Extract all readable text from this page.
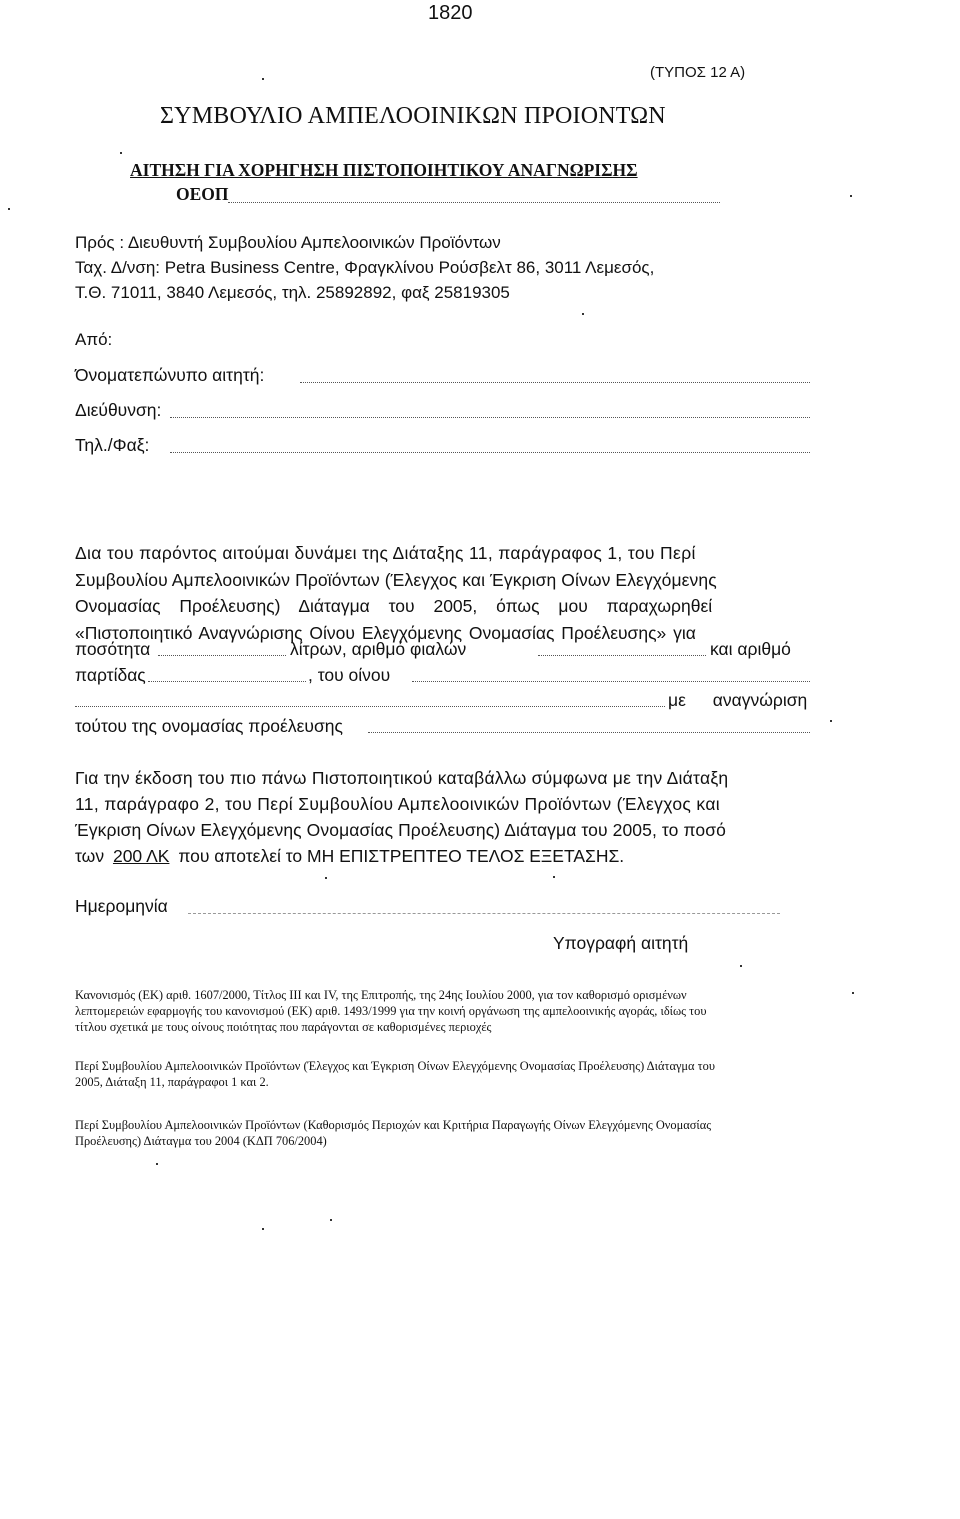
1820
(ΤΥΠΟΣ 12 Α)
ΣΥΜΒΟΥΛΙΟ ΑΜΠΕΛΟΟΙΝΙΚΩΝ ΠΡΟΙΟΝΤΩΝ
ΑΙΤΗΣΗ ΓΙΑ ΧΟΡΗΓΗΣΗ ΠΙΣΤΟΠΟΙΗΤΙΚΟΥ ΑΝΑΓΝΩΡΙΣΗΣ
ΟΕΟΠ
Πρός : Διευθυντή Συμβουλίου Αμπελοοινικών Προϊόντων
Ταχ. Δ/νση: Petra Business Centre, Φραγκλίνου Ρούσβελτ 86, 3011 Λεμεσός,
Τ.Θ. 71011, 3840 Λεμεσός, τηλ. 25892892, φαξ 25819305
Από:
Όνοματεπώνυπο αιτητή:
Διεύθυνση:
Τηλ./Φαξ:
Δια του παρόντος αιτούμαι δυνάμει της Διάταξης 11, παράγραφος 1, του Περί
Συμβουλίου Αμπελοοινικών Προϊόντων (Έλεγχος και Έγκριση Οίνων Ελεγχόμενης
Ονομασίας Προέλευσης) Διάταγμα του 2005, όπως μου παραχωρηθεί
«Πιστοποιητικό Αναγνώρισης Οίνου Ελεγχόμενης Ονομασίας Προέλευσης» για
ποσότητα	λίτρων, αριθμό φιαλών	και αριθμό
παρτίδας	, του οίνου
με αναγνώριση
τούτου της ονομασίας προέλευσης
Για την έκδοση του πιο πάνω Πιστοποιητικού καταβάλλω σύμφωνα με την Διάταξη
11, παράγραφο 2, του Περί Συμβουλίου Αμπελοοινικών Προϊόντων (Έλεγχος και
Έγκριση Οίνων Ελεγχόμενης Ονομασίας Προέλευσης) Διάταγμα του 2005, το ποσό
των 200 ΛΚ που αποτελεί το ΜΗ ΕΠΙΣΤΡΕΠΤΕΟ ΤΕΛΟΣ ΕΞΕΤΑΣΗΣ.
Ημερομηνία
Υπογραφή αιτητή
Κανονισμός (ΕΚ) αριθ. 1607/2000, Τίτλος ΙΙΙ και IV, της Επιτροπής, της 24ης Ιουλίου 2000, για τον καθορισμό ορισμένων
λεπτομερειών εφαρμογής του κανονισμού (ΕΚ) αριθ. 1493/1999 για την κοινή οργάνωση της αμπελοοινικής αγοράς, ιδίως του
τίτλου σχετικά με τους οίνους ποιότητας που παράγονται σε καθορισμένες περιοχές
Περί Συμβουλίου Αμπελοοινικών Προϊόντων (Έλεγχος και Έγκριση Οίνων Ελεγχόμενης Ονομασίας Προέλευσης) Διάταγμα του
2005, Διάταξη 11, παράγραφοι 1 και 2.
Περί Συμβουλίου Αμπελοοινικών Προϊόντων (Καθορισμός Περιοχών και Κριτήρια Παραγωγής Οίνων Ελεγχόμενης Ονομασίας
Προέλευσης) Διάταγμα του 2004 (ΚΔΠ 706/2004)
